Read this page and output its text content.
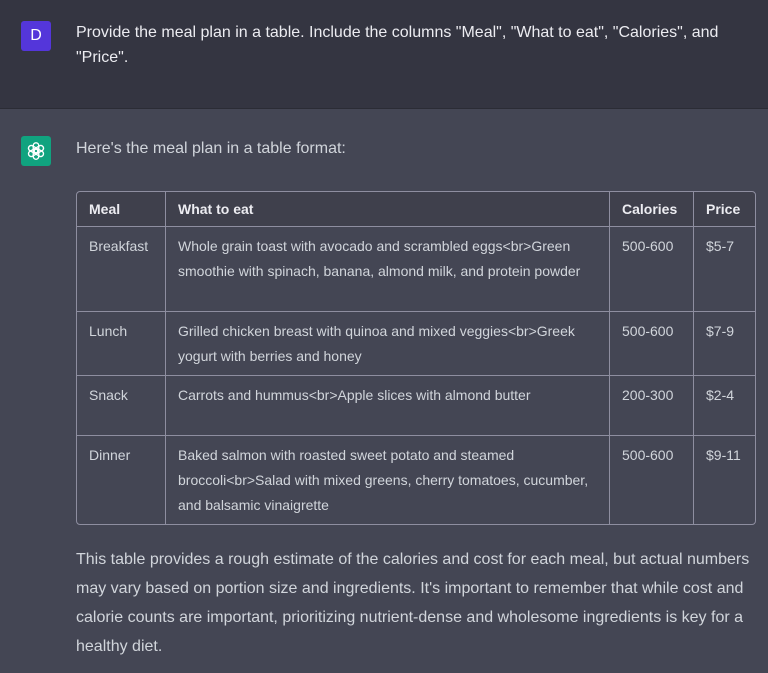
D	Provide the meal plan in a table. Include the columns "Meal", "What to eat", "Calories", and "Price".
Here's the meal plan in a table format:
Meal	What to eat	Calories	Price
Breakfast	Whole grain toast with avocado and scrambled eggs<br>Green smoothie with spinach, banana, almond milk, and protein powder	500-600	$5-7
Lunch	Grilled chicken breast with quinoa and mixed veggies<br>Greek yogurt with berries and honey	500-600	$7-9
Snack	Carrots and hummus<br>Apple slices with almond butter	200-300	$2-4
Dinner	Baked salmon with roasted sweet potato and steamed broccoli<br>Salad with mixed greens, cherry tomatoes, cucumber, and balsamic vinaigrette	500-600	$9-11
This table provides a rough estimate of the calories and cost for each meal, but actual numbers may vary based on portion size and ingredients. It's important to remember that while cost and calorie counts are important, prioritizing nutrient-dense and wholesome ingredients is key for a healthy diet.
